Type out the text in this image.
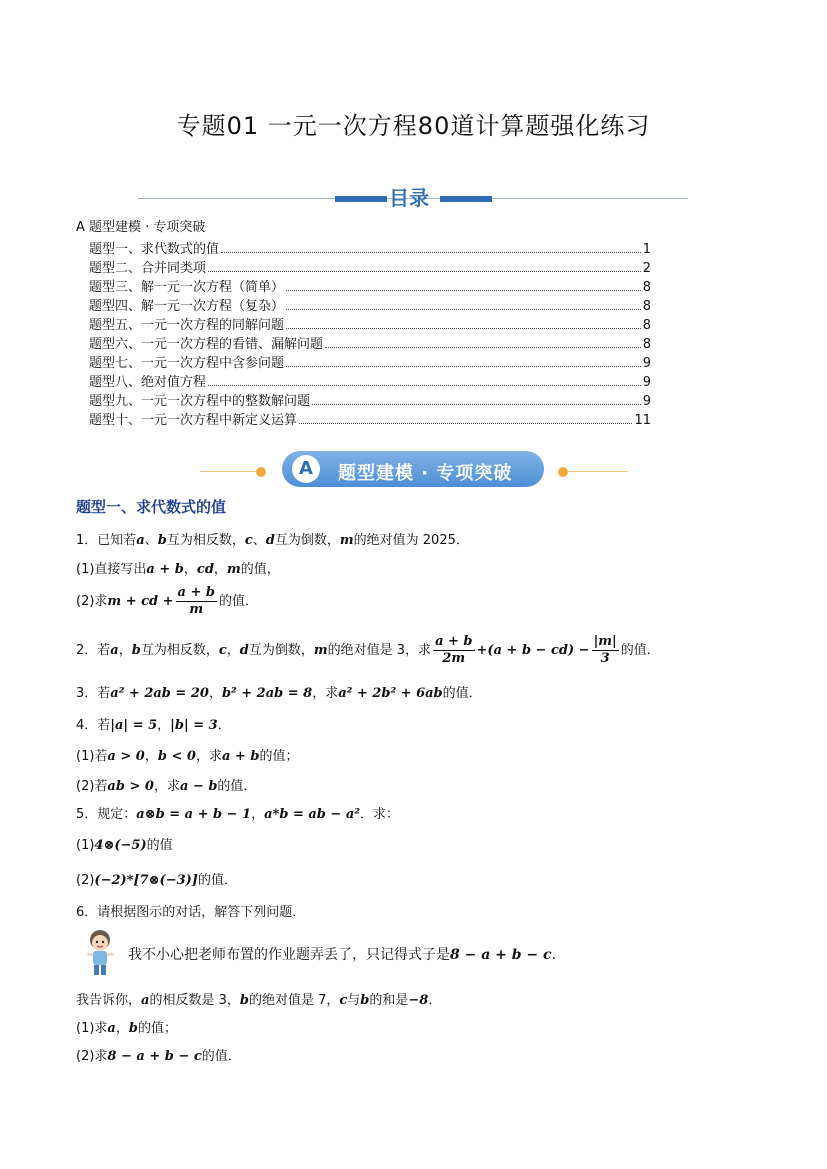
专题01 一元一次方程80道计算题强化练习
目录
A 题型建模 · 专项突破
题型一、求代数式的值	1
题型二、合并同类项	2
题型三、解一元一次方程（简单）	8
题型四、解一元一次方程（复杂）	8
题型五、一元一次方程的同解问题	8
题型六、一元一次方程的看错、漏解问题	8
题型七、一元一次方程中含参问题	9
题型八、绝对值方程	9
题型九、一元一次方程中的整数解问题	9
题型十、一元一次方程中新定义运算	11
A	题型建模 · 专项突破
题型一、求代数式的值
1．已知若a、b互为相反数，c、d互为倒数，m的绝对值为 2025．
(1)直接写出a + b，cd，m的值，
(2)求m + cd + $\frac{a + b}{m}$ 的值．
2．若a，b互为相反数，c，d互为倒数，m的绝对值是 3，求 $\frac{a + b}{2m} +(a + b - cd) - \frac{|m|}{3}$ 的值．
3．若a² + 2ab = 20，b² + 2ab = 8，求a² + 2b² + 6ab的值．
4．若|a| = 5，|b| = 3．
(1)若a > 0，b < 0，求a + b的值；
(2)若ab > 0，求a − b的值．
5．规定：a⊗b = a + b − 1，a*b = ab − a²．求：
(1)4⊗(−5)的值
(2)(−2)*[7⊗(−3)]的值．
6．请根据图示的对话，解答下列问题．
我不小心把老师布置的作业题弄丢了，只记得式子是8 − a + b − c．
我告诉你，a的相反数是 3，b的绝对值是 7，c与b的和是−8．
(1)求a，b的值；
(2)求8 − a + b − c的值．
